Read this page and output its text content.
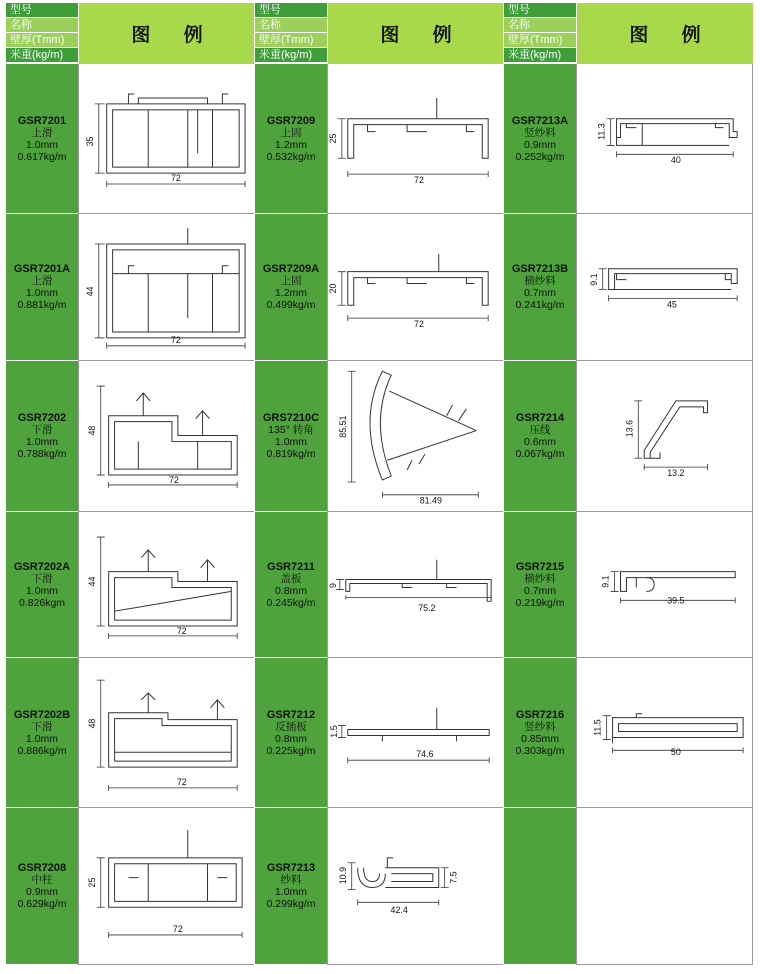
型号
名称
壁厚(Tmm)
米重(kg/m)
图 例
GSR7201
上滑
1.0mm
0.617kg/m
35
72
GSR7201A
上滑
1.0mm
0.881kg/m
44
72
GSR7202
下滑
1.0mm
0.788kg/m
48
72
GSR7202A
下滑
1.0mm
0.826kgm
44
72
GSR7202B
下滑
1.0mm
0.886kg/m
48
72
GSR7208
中柱
0.9mm
0.629kg/m
25
72
型号
名称
壁厚(Tmm)
米重(kg/m)
图 例
GSR7209
上固
1.2mm
0.532kg/m
25
72
GSR7209A
上固
1.2mm
0.499kg/m
20
72
GRS7210C
135° 转角
1.0mm
0.819kg/m
85.51
81.49
GSR7211
盖板
0.8mm
0.245kg/m
9
75.2
GSR7212
反插板
0.8mm
0.225kg/m
1.5
74.6
GSR7213
纱料
1.0mm
0.299kg/m
10.9
42.4
7.5
型号
名称
壁厚(Tmm)
米重(kg/m)
图 例
GSR7213A
竖纱料
0.9mm
0.252kg/m
11.3
40
GSR7213B
横纱料
0.7mm
0.241kg/m
9.1
45
GSR7214
压线
0.6mm
0.067kg/m
13.6
13.2
GSR7215
横纱料
0.7mm
0.219kg/m
9.1
39.5
GSR7216
竖纱料
0.85mm
0.303kg/m
11.5
50
